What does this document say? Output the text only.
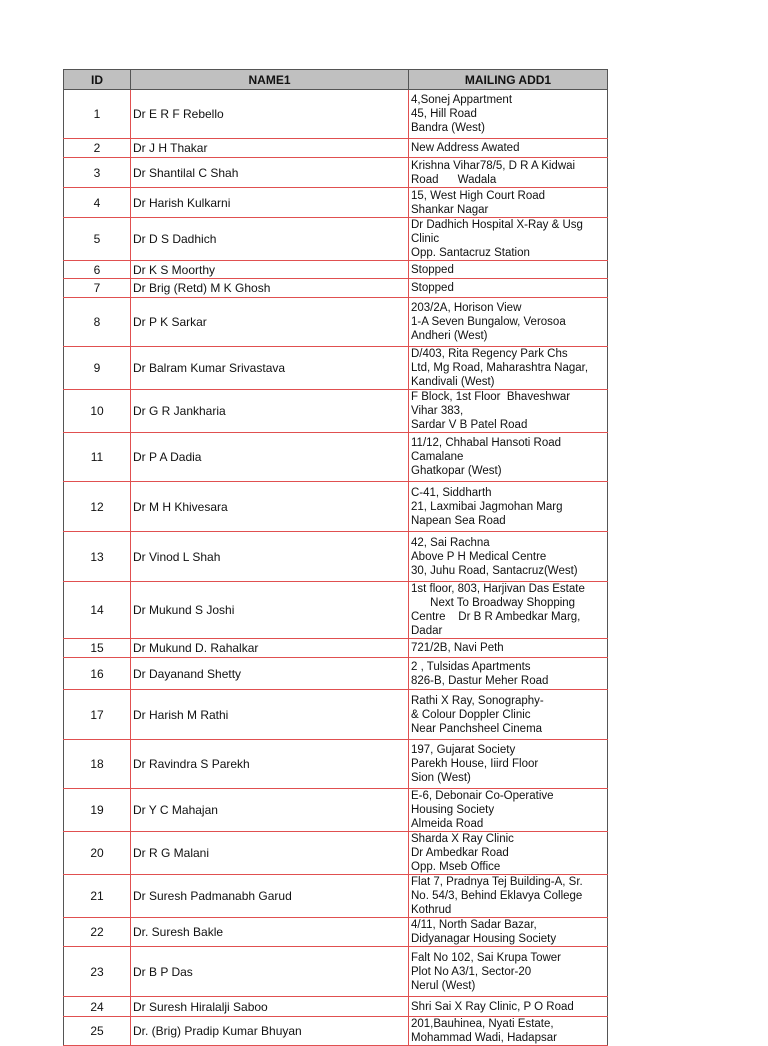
ID	NAME1	MAILING ADD1
1	Dr E R F Rebello	4,Sonej Appartment
45, Hill Road
Bandra (West)
2	Dr J H Thakar	New Address Awated
3	Dr Shantilal C Shah	Krishna Vihar78/5, D R A Kidwai
Road      Wadala
4	Dr Harish Kulkarni	15, West High Court Road
Shankar Nagar
5	Dr D S Dadhich	Dr Dadhich Hospital X-Ray & Usg
Clinic
Opp. Santacruz Station
6	Dr K S Moorthy	Stopped
7	Dr Brig (Retd) M K Ghosh	Stopped
8	Dr P K Sarkar	203/2A, Horison View
1-A Seven Bungalow, Verosoa
Andheri (West)
9	Dr Balram Kumar Srivastava	D/403, Rita Regency Park Chs
Ltd, Mg Road, Maharashtra Nagar,
Kandivali (West)
10	Dr G R Jankharia	F Block, 1st Floor  Bhaveshwar
Vihar 383,
Sardar V B Patel Road
11	Dr P A Dadia	11/12, Chhabal Hansoti Road
Camalane
Ghatkopar (West)
12	Dr M H Khivesara	C-41, Siddharth
21, Laxmibai Jagmohan Marg
Napean Sea Road
13	Dr Vinod L Shah	42, Sai Rachna
Above P H Medical Centre
30, Juhu Road, Santacruz(West)
14	Dr Mukund S Joshi	1st floor, 803, Harjivan Das Estate
Next To Broadway Shopping
Centre    Dr B R Ambedkar Marg,
Dadar
15	Dr Mukund D. Rahalkar	721/2B, Navi Peth
16	Dr Dayanand Shetty	2 , Tulsidas Apartments
826-B, Dastur Meher Road
17	Dr Harish M Rathi	Rathi X Ray, Sonography-
& Colour Doppler Clinic
Near Panchsheel Cinema
18	Dr Ravindra S Parekh	197, Gujarat Society
Parekh House, Iiird Floor
Sion (West)
19	Dr Y C Mahajan	E-6, Debonair Co-Operative
Housing Society
Almeida Road
20	Dr R G Malani	Sharda X Ray Clinic
Dr Ambedkar Road
Opp. Mseb Office
21	Dr Suresh Padmanabh Garud	Flat 7, Pradnya Tej Building-A, Sr.
No. 54/3, Behind Eklavya College
Kothrud
22	Dr. Suresh Bakle	4/11, North Sadar Bazar,
Didyanagar Housing Society
23	Dr B P Das	Falt No 102, Sai Krupa Tower
Plot No A3/1, Sector-20
Nerul (West)
24	Dr Suresh Hiralalji Saboo	Shri Sai X Ray Clinic, P O Road
25	Dr. (Brig) Pradip Kumar Bhuyan	201,Bauhinea, Nyati Estate,
Mohammad Wadi, Hadapsar
